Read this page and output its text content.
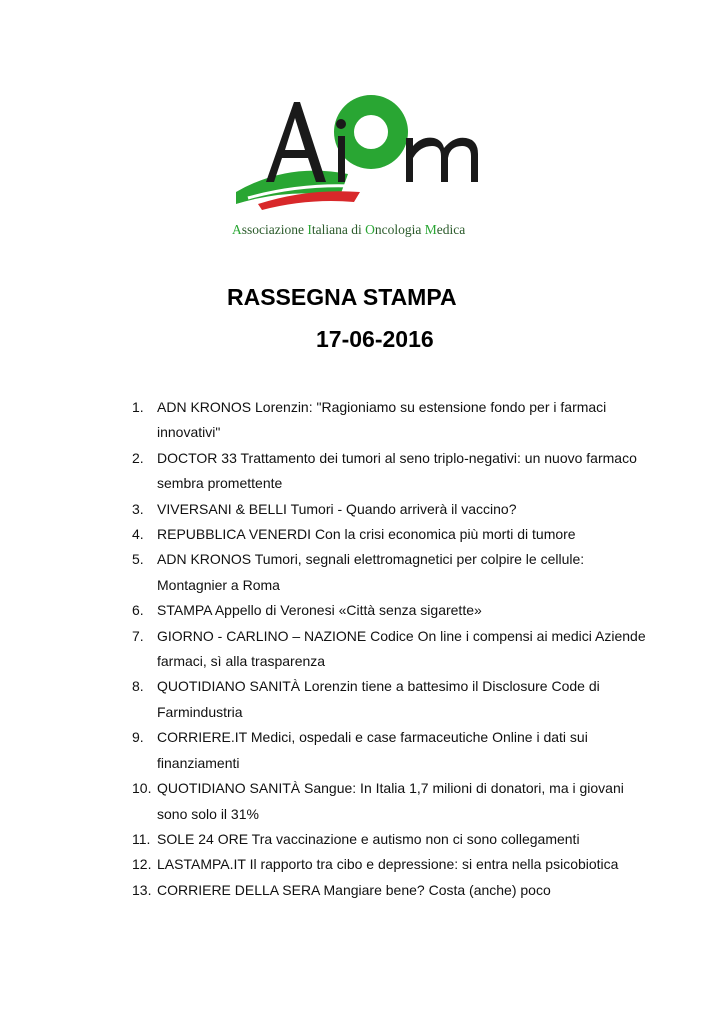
Associazione Italiana di Oncologia Medica
RASSEGNA STAMPA
17-06-2016
1. ADN KRONOS Lorenzin: "Ragioniamo su estensione fondo per i farmaci innovativi"
2. DOCTOR 33 Trattamento dei tumori al seno triplo-negativi: un nuovo farmaco sembra promettente
3. VIVERSANI & BELLI Tumori - Quando arriverà il vaccino?
4. REPUBBLICA VENERDI Con la crisi economica più morti di tumore
5. ADN KRONOS Tumori, segnali elettromagnetici per colpire le cellule: Montagnier a Roma
6. STAMPA Appello di Veronesi «Città senza sigarette»
7. GIORNO - CARLINO – NAZIONE Codice On line i compensi ai medici Aziende farmaci, sì alla trasparenza
8. QUOTIDIANO SANITÀ Lorenzin tiene a battesimo il Disclosure Code di Farmindustria
9. CORRIERE.IT Medici, ospedali e case farmaceutiche Online i dati sui finanziamenti
10. QUOTIDIANO SANITÀ Sangue: In Italia 1,7 milioni di donatori, ma i giovani sono solo il 31%
11. SOLE 24 ORE Tra vaccinazione e autismo non ci sono collegamenti
12. LASTAMPA.IT Il rapporto tra cibo e depressione: si entra nella psicobiotica
13. CORRIERE DELLA SERA Mangiare bene? Costa (anche) poco
